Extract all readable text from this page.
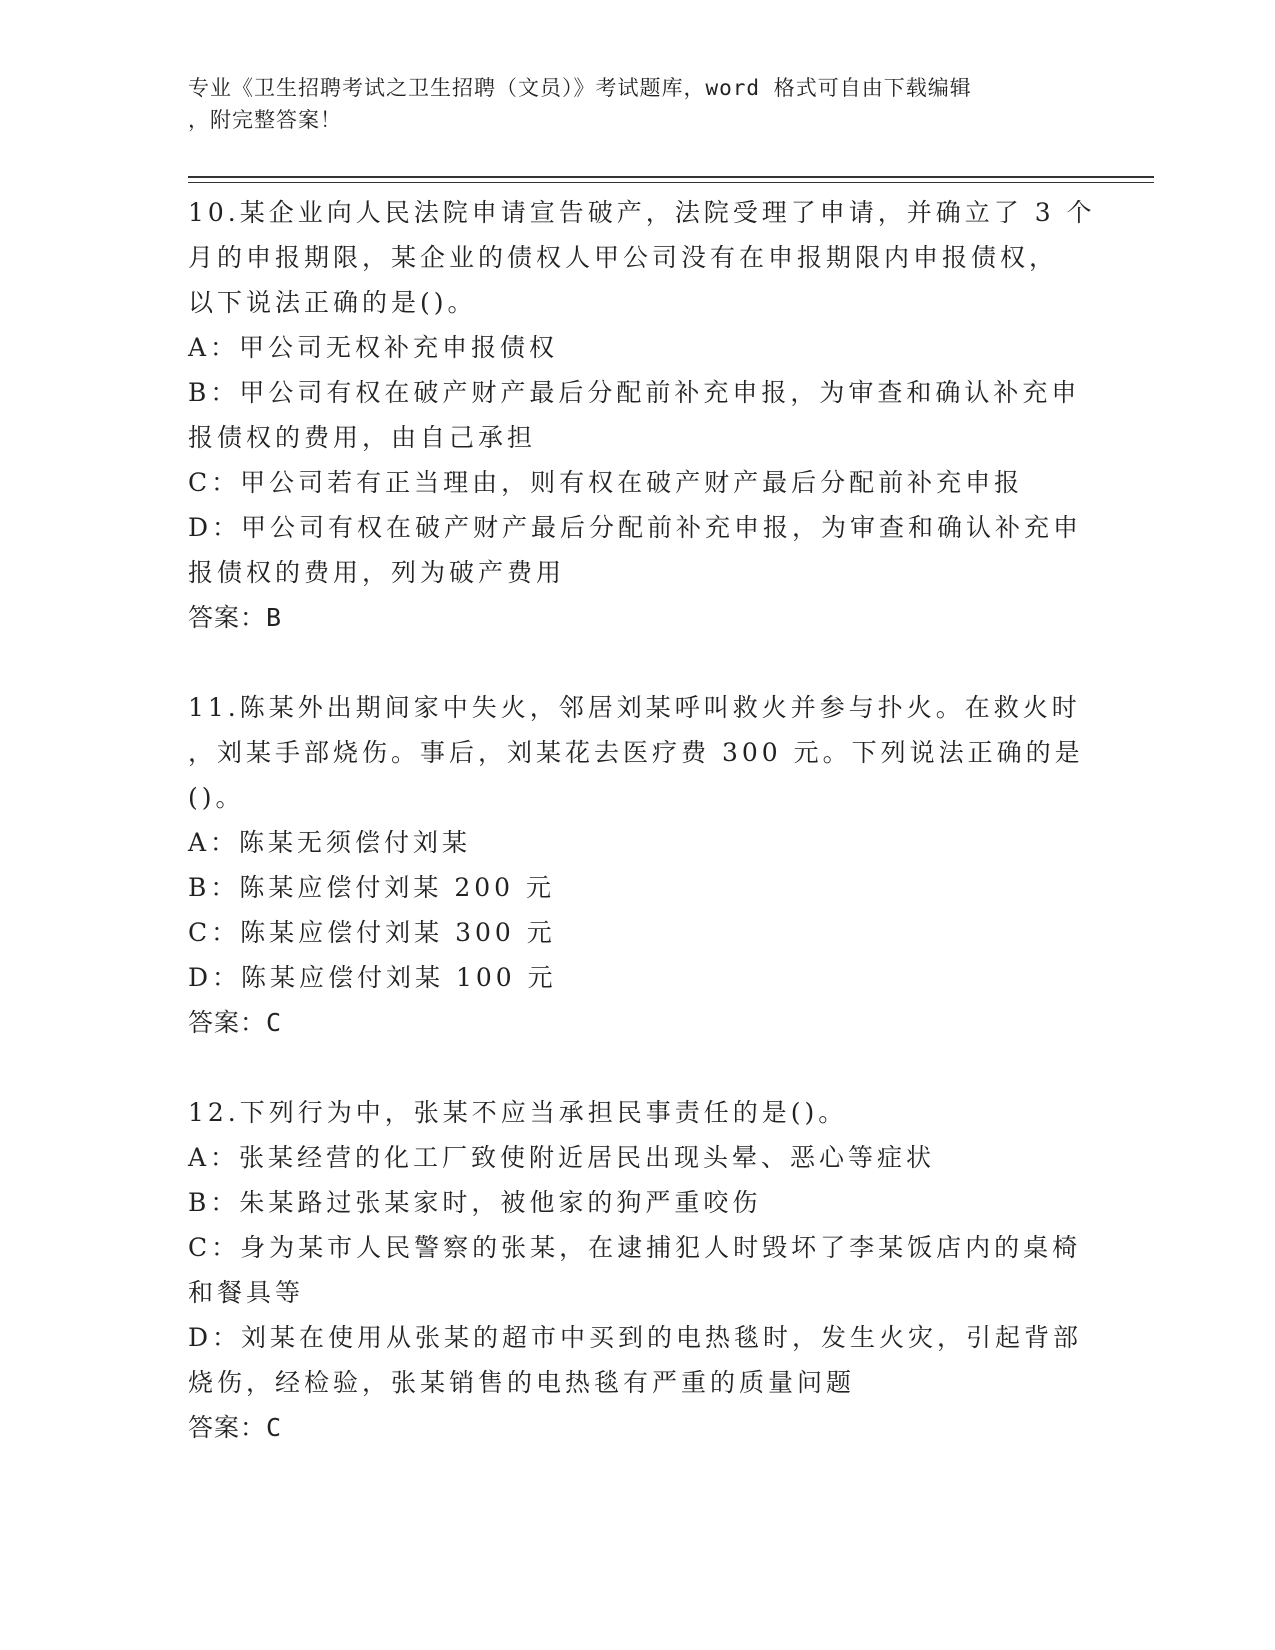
专业《卫生招聘考试之卫生招聘（文员）》考试题库，word 格式可自由下载编辑
，附完整答案！
10.某企业向人民法院申请宣告破产，法院受理了申请，并确立了 3 个
月的申报期限，某企业的债权人甲公司没有在申报期限内申报债权，
以下说法正确的是()。
A：甲公司无权补充申报债权
B：甲公司有权在破产财产最后分配前补充申报，为审查和确认补充申
报债权的费用，由自己承担
C：甲公司若有正当理由，则有权在破产财产最后分配前补充申报
D：甲公司有权在破产财产最后分配前补充申报，为审查和确认补充申
报债权的费用，列为破产费用
答案：B
11.陈某外出期间家中失火，邻居刘某呼叫救火并参与扑火。在救火时
，刘某手部烧伤。事后，刘某花去医疗费 300 元。下列说法正确的是
()。
A：陈某无须偿付刘某
B：陈某应偿付刘某 200 元
C：陈某应偿付刘某 300 元
D：陈某应偿付刘某 100 元
答案：C
12.下列行为中，张某不应当承担民事责任的是()。
A：张某经营的化工厂致使附近居民出现头晕、恶心等症状
B：朱某路过张某家时，被他家的狗严重咬伤
C：身为某市人民警察的张某，在逮捕犯人时毁坏了李某饭店内的桌椅
和餐具等
D：刘某在使用从张某的超市中买到的电热毯时，发生火灾，引起背部
烧伤，经检验，张某销售的电热毯有严重的质量问题
答案：C
